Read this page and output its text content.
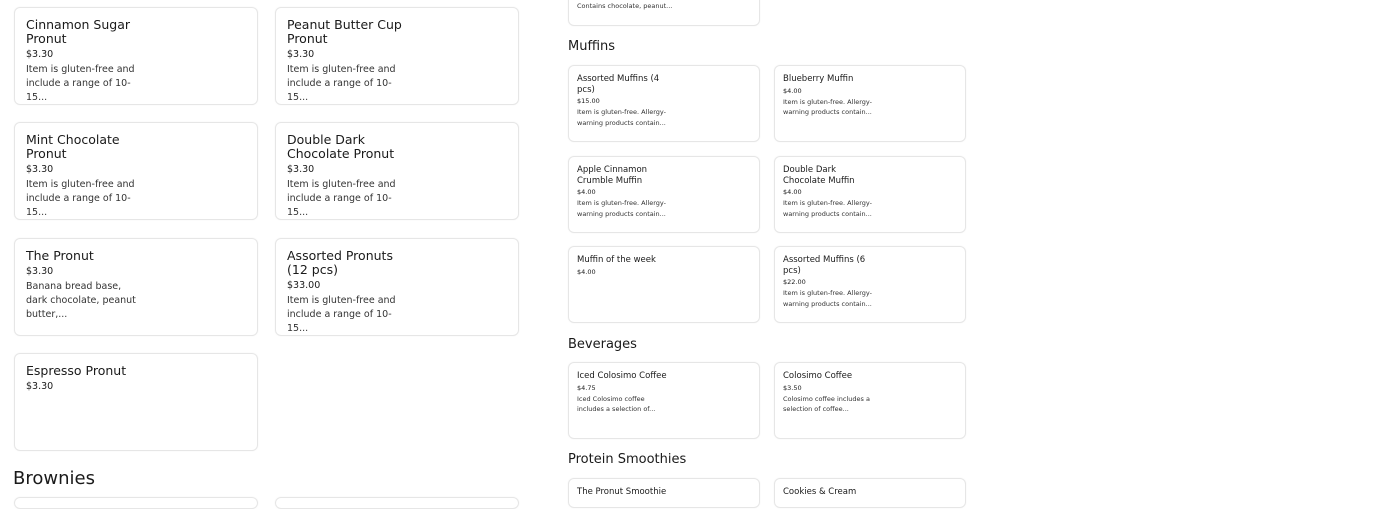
Cinnamon Sugar Pronut
$3.30
Item is gluten-free and include a range of 10-15...
Peanut Butter Cup Pronut
$3.30
Item is gluten-free and include a range of 10-15...
Mint Chocolate Pronut
$3.30
Item is gluten-free and include a range of 10-15...
Double Dark Chocolate Pronut
$3.30
Item is gluten-free and include a range of 10-15...
The Pronut
$3.30
Banana bread base, dark chocolate, peanut butter,...
Assorted Pronuts (12 pcs)
$33.00
Item is gluten-free and include a range of 10-15...
Espresso Pronut
$3.30
Brownies
Contains chocolate, peanut...
Muffins
Assorted Muffins (4 pcs)
$15.00
Item is gluten-free. Allergy-warning products contain...
Blueberry Muffin
$4.00
Item is gluten-free. Allergy-warning products contain...
Apple Cinnamon Crumble Muffin
$4.00
Item is gluten-free. Allergy-warning products contain...
Double Dark Chocolate Muffin
$4.00
Item is gluten-free. Allergy-warning products contain...
Muffin of the week
$4.00
Assorted Muffins (6 pcs)
$22.00
Item is gluten-free. Allergy-warning products contain...
Beverages
Iced Colosimo Coffee
$4.75
Iced Colosimo coffee includes a selection of...
Colosimo Coffee
$3.50
Colosimo coffee includes a selection of coffee...
Protein Smoothies
The Pronut Smoothie	Cookies & Cream
